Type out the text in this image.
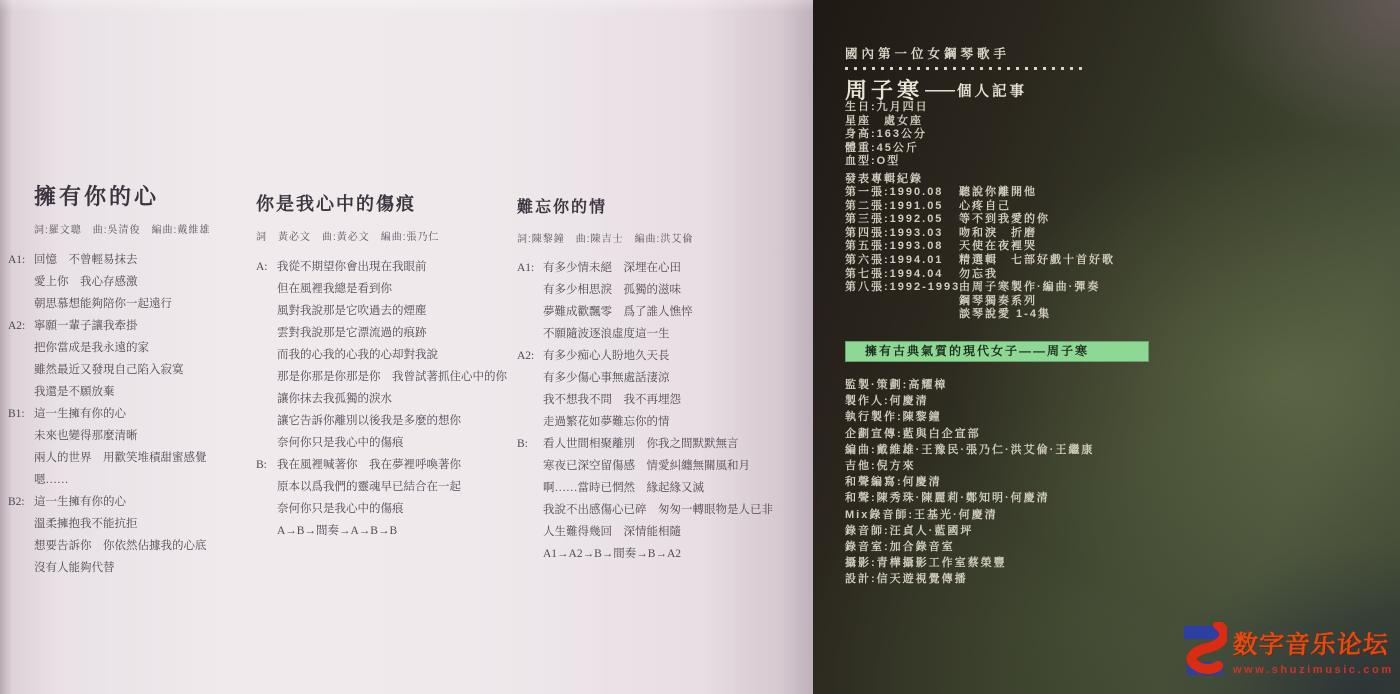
擁有你的心
詞:羅文聰　曲:吳清俊　編曲:戴維雄
A1: 回憶　不曾輕易抹去
愛上你　我心存感激
朝思慕想能夠陪你一起遠行
A2: 寧願一輩子讓我牽掛
把你當成是我永遠的家
雖然最近又發現自己陷入寂寞
我還是不願放棄
B1: 這一生擁有你的心
未來也變得那麼清晰
兩人的世界　用歡笑堆積甜蜜感覺
嗯……
B2: 這一生擁有你的心
溫柔擁抱我不能抗拒
想要告訴你　你依然佔據我的心底
沒有人能夠代替
你是我心中的傷痕
詞　黃必文　曲:黃必文　編曲:張乃仁
A: 我從不期望你會出現在我眼前
但在風裡我總是看到你
風對我說那是它吹過去的煙塵
雲對我說那是它漂流過的痕跡
而我的心我的心我的心却對我說
那是你那是你那是你　我曾試著抓住心中的你
讓你抹去我孤獨的淚水
讓它告訴你離別以後我是多麼的想你
奈何你只是我心中的傷痕
B: 我在風裡喊著你　我在夢裡呼喚著你
原本以爲我們的靈魂早已結合在一起
奈何你只是我心中的傷痕
A→B→間奏→A→B→B
難忘你的情
詞:陳黎鐘　曲:陳吉士　編曲:洪艾倫
A1: 有多少情未絕　深埋在心田
有多少相思淚　孤獨的滋味
夢難成歡飄零　爲了誰人憔悴
不願隨波逐浪虛度這一生
A2: 有多少痴心人盼地久天長
有多少傷心事無處話淒涼
我不想我不問　我不再埋怨
走過繁花如夢難忘你的情
B: 看人世間相聚離別　你我之間默默無言
寒夜已深空留傷感　情愛糾纏無關風和月
啊……當時已惘然　緣起緣又滅
我說不出感傷心已碎　匆匆一轉眼物是人已非
人生難得幾回　深情能相隨
A1→A2→B→間奏→B→A2
國內第一位女鋼琴歌手
周子寒 —— 個人記事
生日:九月四日
星座　處女座
身高:163公分
體重:45公斤
血型:O型
發表專輯紀錄
第一張:1990.08 聽說你離開他
第二張:1991.05 心疼自己
第三張:1992.05 等不到我愛的你
第四張:1993.03 吻和淚　折磨
第五張:1993.08 天使在夜裡哭
第六張:1994.01 精選輯　七部好戲十首好歌
第七張:1994.04 勿忘我
第八張:1992-1993由周子寒製作·編曲·彈奏
鋼琴獨奏系列
談琴說愛 1-4集
擁有古典氣質的現代女子——周子寒
監製·策劃:高耀樟
製作人:何慶清
執行製作:陳黎鐘
企劃宣傳:藍與白企宣部
編曲:戴維雄·王豫民·張乃仁·洪艾倫·王繼康
吉他:倪方來
和聲編寫:何慶清
和聲:陳秀珠·陳麗莉·鄭知明·何慶清
Mix錄音師:王基光·何慶清
錄音師:汪貞人·藍國坪
錄音室:加合錄音室
攝影:青樺攝影工作室蔡榮豐
設計:信天遊視覺傳播
数字音乐论坛
www.shuzimusic.com
